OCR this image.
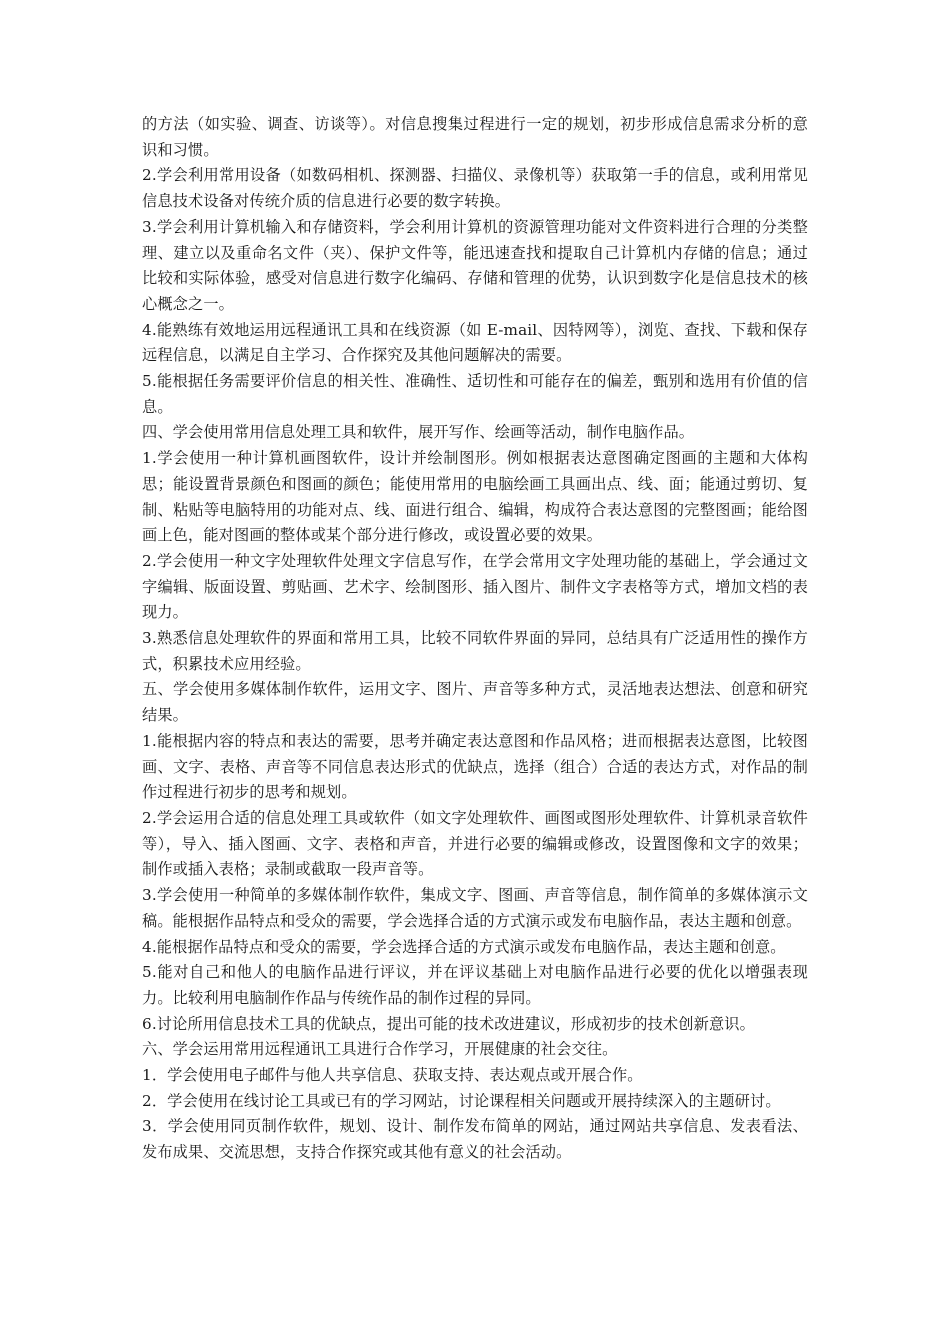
的方法（如实验、调查、访谈等）。对信息搜集过程进行一定的规划，初步形成信息需求分析的意识和习惯。

2.学会利用常用设备（如数码相机、探测器、扫描仪、录像机等）获取第一手的信息，或利用常见信息技术设备对传统介质的信息进行必要的数字转换。

3.学会利用计算机输入和存储资料，学会利用计算机的资源管理功能对文件资料进行合理的分类整理、建立以及重命名文件（夹）、保护文件等，能迅速查找和提取自己计算机内存储的信息；通过比较和实际体验，感受对信息进行数字化编码、存储和管理的优势，认识到数字化是信息技术的核心概念之一。

4.能熟练有效地运用远程通讯工具和在线资源（如 E-mail、因特网等），浏览、查找、下载和保存远程信息，以满足自主学习、合作探究及其他问题解决的需要。

5.能根据任务需要评价信息的相关性、准确性、适切性和可能存在的偏差，甄别和选用有价值的信息。

四、学会使用常用信息处理工具和软件，展开写作、绘画等活动，制作电脑作品。

1.学会使用一种计算机画图软件，设计并绘制图形。例如根据表达意图确定图画的主题和大体构思；能设置背景颜色和图画的颜色；能使用常用的电脑绘画工具画出点、线、面；能通过剪切、复制、粘贴等电脑特用的功能对点、线、面进行组合、编辑，构成符合表达意图的完整图画；能给图画上色，能对图画的整体或某个部分进行修改，或设置必要的效果。

2.学会使用一种文字处理软件处理文字信息写作，在学会常用文字处理功能的基础上，学会通过文字编辑、版面设置、剪贴画、艺术字、绘制图形、插入图片、制件文字表格等方式，增加文档的表现力。

3.熟悉信息处理软件的界面和常用工具，比较不同软件界面的异同，总结具有广泛适用性的操作方式，积累技术应用经验。

五、学会使用多媒体制作软件，运用文字、图片、声音等多种方式，灵活地表达想法、创意和研究结果。

1.能根据内容的特点和表达的需要，思考并确定表达意图和作品风格；进而根据表达意图，比较图画、文字、表格、声音等不同信息表达形式的优缺点，选择（组合）合适的表达方式，对作品的制作过程进行初步的思考和规划。

2.学会运用合适的信息处理工具或软件（如文字处理软件、画图或图形处理软件、计算机录音软件等），导入、插入图画、文字、表格和声音，并进行必要的编辑或修改，设置图像和文字的效果；制作或插入表格；录制或截取一段声音等。

3.学会使用一种简单的多媒体制作软件，集成文字、图画、声音等信息，制作简单的多媒体演示文稿。能根据作品特点和受众的需要，学会选择合适的方式演示或发布电脑作品，表达主题和创意。

4.能根据作品特点和受众的需要，学会选择合适的方式演示或发布电脑作品，表达主题和创意。

5.能对自己和他人的电脑作品进行评议，并在评议基础上对电脑作品进行必要的优化以增强表现力。比较利用电脑制作作品与传统作品的制作过程的异同。

6.讨论所用信息技术工具的优缺点，提出可能的技术改进建议，形成初步的技术创新意识。

六、学会运用常用远程通讯工具进行合作学习，开展健康的社会交往。

1．学会使用电子邮件与他人共享信息、获取支持、表达观点或开展合作。

2．学会使用在线讨论工具或已有的学习网站，讨论课程相关问题或开展持续深入的主题研讨。

3．学会使用同页制作软件，规划、设计、制作发布简单的网站，通过网站共享信息、发表看法、发布成果、交流思想，支持合作探究或其他有意义的社会活动。
